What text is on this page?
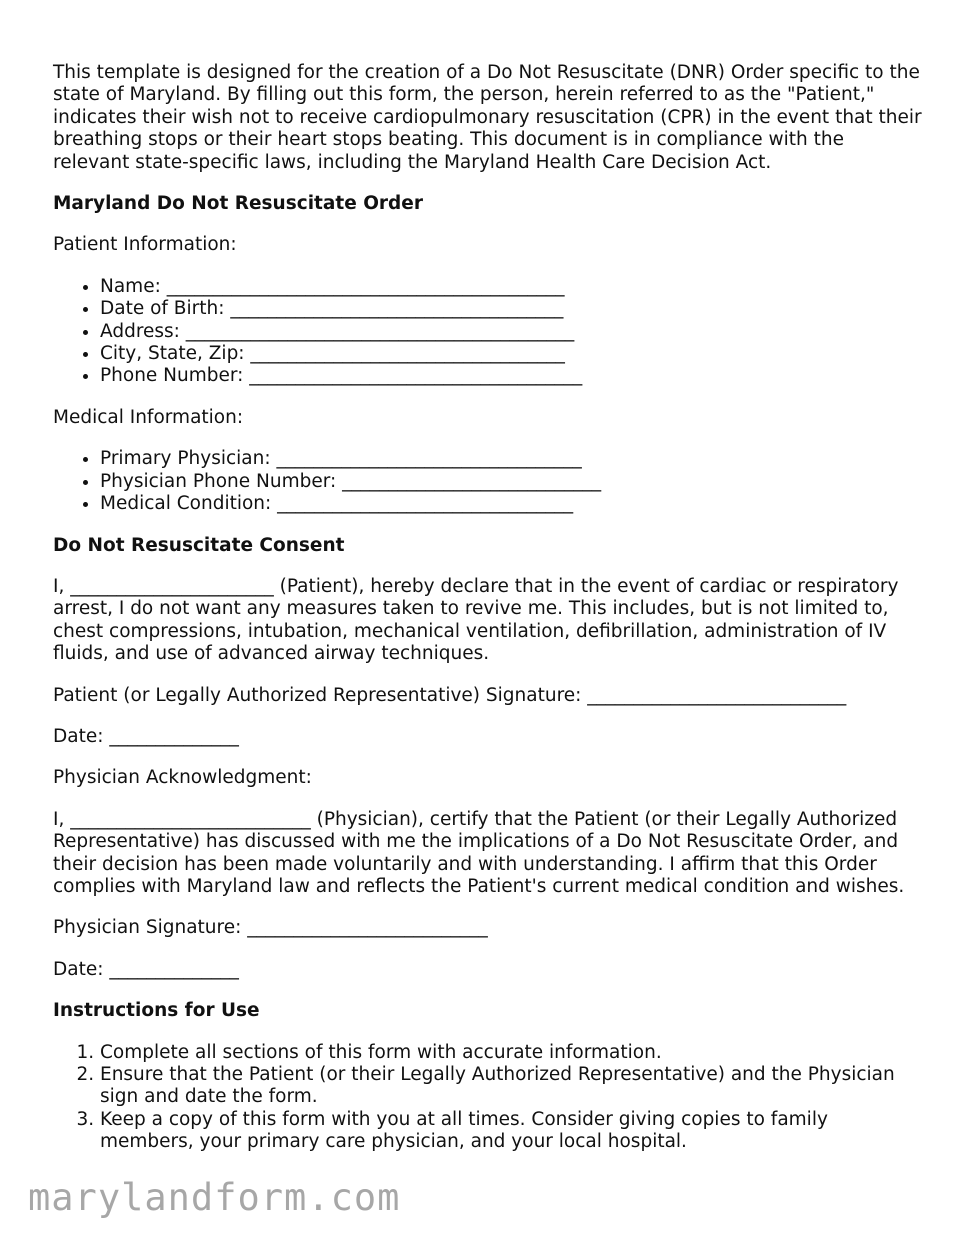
This template is designed for the creation of a Do Not Resuscitate (DNR) Order specific to the state of Maryland. By filling out this form, the person, herein referred to as the "Patient," indicates their wish not to receive cardiopulmonary resuscitation (CPR) in the event that their breathing stops or their heart stops beating. This document is in compliance with the relevant state-specific laws, including the Maryland Health Care Decision Act.

Maryland Do Not Resuscitate Order

Patient Information:

• Name: ___________________________________________
• Date of Birth: ____________________________________
• Address: __________________________________________
• City, State, Zip: __________________________________
• Phone Number: ____________________________________

Medical Information:

• Primary Physician: _________________________________
• Physician Phone Number: ____________________________
• Medical Condition: ________________________________
Do Not Resuscitate Consent

I, ______________________ (Patient), hereby declare that in the event of cardiac or respiratory arrest, I do not want any measures taken to revive me. This includes, but is not limited to, chest compressions, intubation, mechanical ventilation, defibrillation, administration of IV fluids, and use of advanced airway techniques.

Patient (or Legally Authorized Representative) Signature: ____________________________

Date: ______________

Physician Acknowledgment:

I, __________________________ (Physician), certify that the Patient (or their Legally Authorized Representative) has discussed with me the implications of a Do Not Resuscitate Order, and their decision has been made voluntarily and with understanding. I affirm that this Order complies with Maryland law and reflects the Patient's current medical condition and wishes.

Physician Signature: __________________________

Date: ______________

Instructions for Use
1. Complete all sections of this form with accurate information.
2. Ensure that the Patient (or their Legally Authorized Representative) and the Physician sign and date the form.
3. Keep a copy of this form with you at all times. Consider giving copies to family members, your primary care physician, and your local hospital.
marylandform.com
